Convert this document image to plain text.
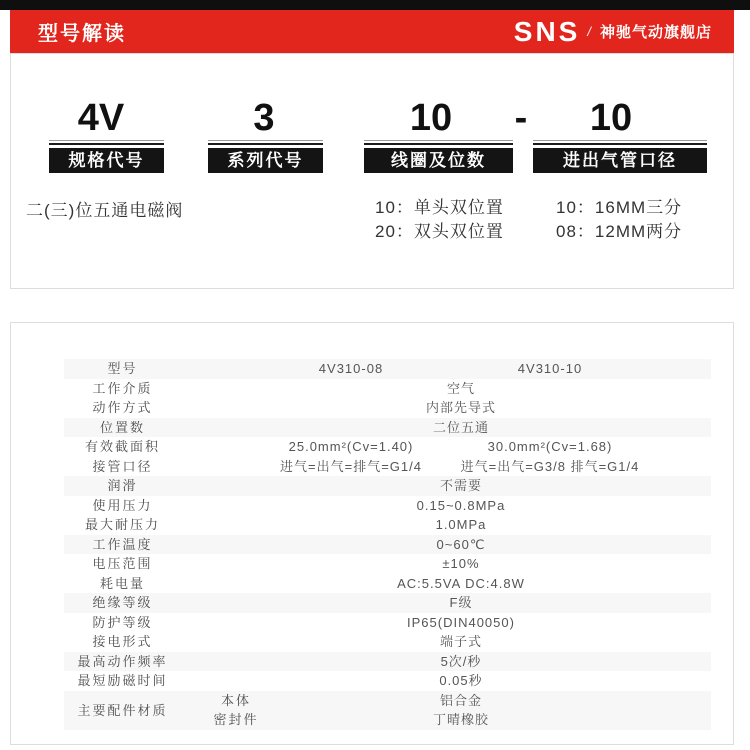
型号解读	SNS / 神驰气动旗舰店
4V	3	10	-	10
规格代号	系列代号	线圈及位数	进出气管口径
二(三)位五通电磁阀	10：单头双位置
20：双头双位置
10：16MM三分
08：12MM两分
型号	4V310-08	4V310-10
工作介质	空气
动作方式	内部先导式
位置数	二位五通
有效截面积	25.0mm²(Cv=1.40)	30.0mm²(Cv=1.68)
接管口径	进气=出气=排气=G1/4	进气=出气=G3/8 排气=G1/4
润滑	不需要
使用压力	0.15~0.8MPa
最大耐压力	1.0MPa
工作温度	0~60℃
电压范围	±10%
耗电量	AC:5.5VA DC:4.8W
绝缘等级	F级
防护等级	IP65(DIN40050)
接电形式	端子式
最高动作频率	5次/秒
最短励磁时间	0.05秒
主要配件材质
本体	铝合金
密封件	丁晴橡胶
